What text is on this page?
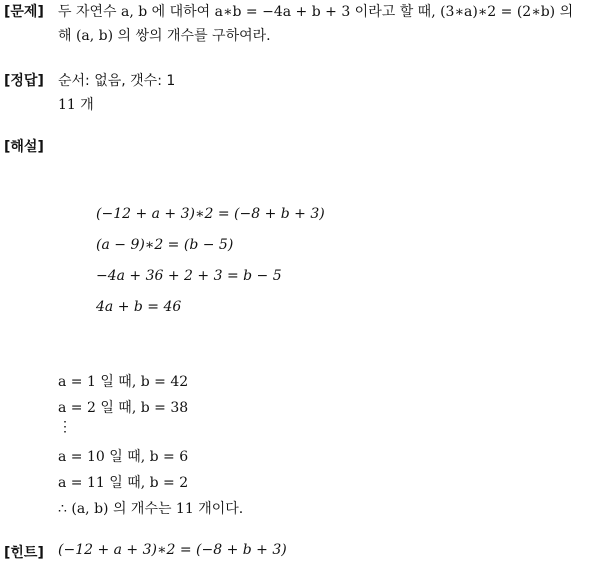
[문제] 두 자연수 a, b 에 대하여 a∗b = −4a + b + 3 이라고 할 때, (3∗a)∗2 = (2∗b) 의
해 (a, b) 의 쌍의 개수를 구하여라.
[정답] 순서: 없음, 갯수: 1
11 개
[해설]
(−12 + a + 3)∗2 = (−8 + b + 3)
(a − 9)∗2 = (b − 5)
−4a + 36 + 2 + 3 = b − 5
4a + b = 46
a = 1 일 때, b = 42
a = 2 일 때, b = 38
⋮
a = 10 일 때, b = 6
a = 11 일 때, b = 2
∴ (a, b) 의 개수는 11 개이다.
[힌트] (−12 + a + 3)∗2 = (−8 + b + 3)
